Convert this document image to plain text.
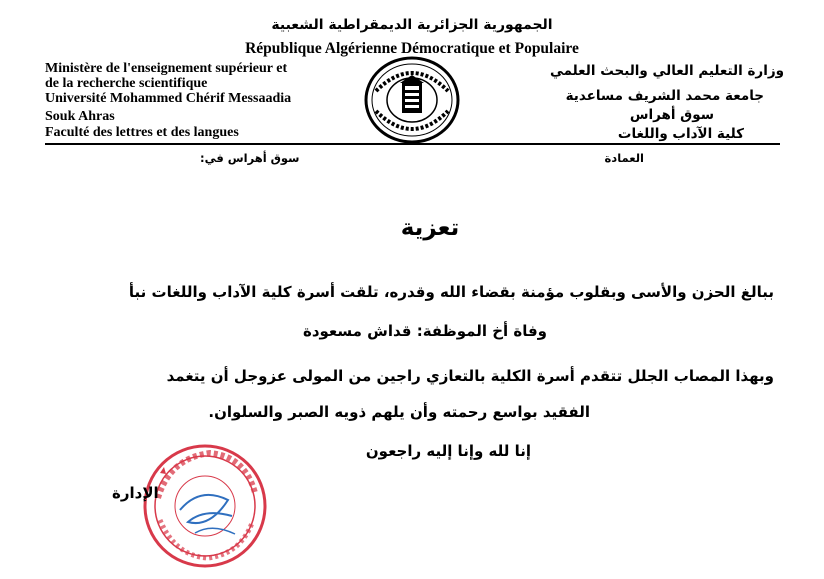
الجمهورية الجزائرية الديمقراطية الشعبية
République Algérienne Démocratique et Populaire
Ministère de l'enseignement supérieur et
de la recherche scientifique
Université Mohammed Chérif Messaadia
Souk Ahras
Faculté des lettres et des langues
وزارة التعليم العالي والبحث العلمي
جامعة محمد الشريف مساعدية
سوق أهراس
كلية الآداب واللغات
سوق أهراس في:	العمادة
تعزية
ببالغ الحزن والأسى وبقلوب مؤمنة بقضاء الله وقدره، تلقت أسرة كلية الآداب واللغات نبأ
وفاة أخ الموظفة: قداش مسعودة
وبهذا المصاب الجلل تتقدم أسرة الكلية بالتعازي راجين من المولى عزوجل أن يتغمد
الفقيد بواسع رحمته وأن يلهم ذويه الصبر والسلوان.
إنا لله وإنا إليه راجعون
الإدارة
